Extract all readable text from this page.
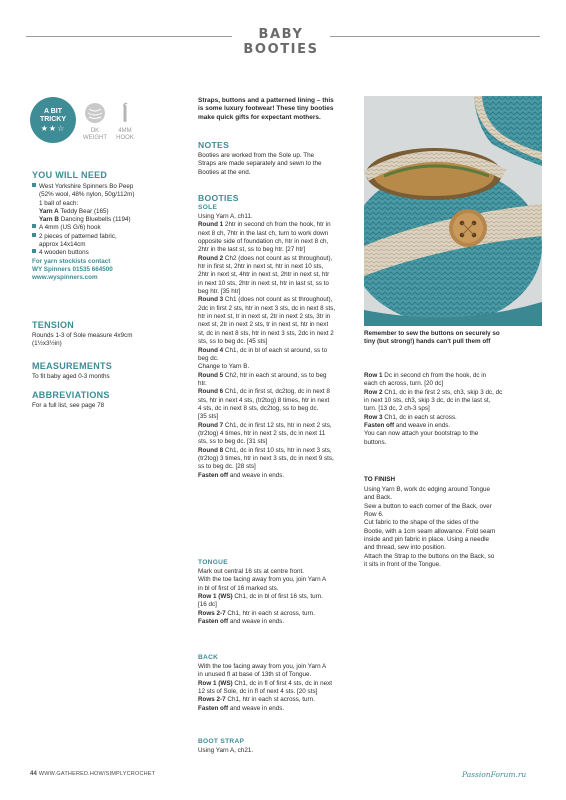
BABY BOOTIES
A BIT
TRICKY
★★☆	DK
WEIGHT
4MM
HOOK
YOU WILL NEED
West Yorkshire Spinners Bo Peep
(52% wool, 48% nylon, 50g/112m)
1 ball of each:
Yarn A Teddy Bear (165)
Yarn B Dancing Bluebells (1194)
A 4mm (US G/6) hook
2 pieces of patterned fabric,
approx 14x14cm
4 wooden buttons
For yarn stockists contact
WY Spinners 01535 664500
www.wyspinners.com
TENSION
Rounds 1-3 of Sole measure 4x9cm
(1½x3½in)
MEASUREMENTS
To fit baby aged 0-3 months
ABBREVIATIONS
For a full list, see page 78
Straps, buttons and a patterned lining – this
is some luxury footwear! These tiny booties
make quick gifts for expectant mothers.
NOTES
Booties are worked from the Sole up. The
Straps are made separately and sewn to the
Booties at the end.
BOOTIES
SOLE
Using Yarn A, ch11.
Round 1 2htr in second ch from the hook, htr in
next 8 ch, 7htr in the last ch, turn to work down
opposite side of foundation ch, htr in next 8 ch,
2htr in the last st, ss to beg htr. [27 htr]
Round 2 Ch2 (does not count as st throughout),
htr in first st, 2htr in next st, htr in next 10 sts,
2htr in next st, 4htr in next st, 2htr in next st, htr
in next 10 sts, 2htr in next st, htr in last st, ss to
beg htr. [35 htr]
Round 3 Ch1 (does not count as st throughout),
2dc in first 2 sts, htr in next 3 sts, dc in next 8 sts,
htr in next st, tr in next st, 2tr in next 2 sts, 3tr in
next st, 2tr in next 2 sts, tr in next st, htr in next
st, dc in next 8 sts, htr in next 3 sts, 2dc in next 2
sts, ss to beg dc. [45 sts]
Round 4 Ch1, dc in bl of each st around, ss to
beg dc.
Change to Yarn B.
Round 5 Ch2, htr in each st around, ss to beg
htr.
Round 6 Ch1, dc in first st, dc2tog, dc in next 8
sts, htr in next 4 sts, (tr2tog) 8 times, htr in next
4 sts, dc in next 8 sts, dc2tog, ss to beg dc.
[35 sts]
Round 7 Ch1, dc in first 12 sts, htr in next 2 sts,
(tr2tog) 4 times, htr in next 2 sts, dc in next 11
sts, ss to beg dc. [31 sts]
Round 8 Ch1, dc in first 10 sts, htr in next 3 sts,
(tr2tog) 3 times, htr in next 3 sts, dc in next 9 sts,
ss to beg dc. [28 sts]
Fasten off and weave in ends.
TONGUE
Mark out central 16 sts at centre front.
With the toe facing away from you, join Yarn A
in bl of first of 16 marked sts.
Row 1 (WS) Ch1, dc in bl of first 16 sts, turn.
[16 dc]
Rows 2-7 Ch1, htr in each st across, turn.
Fasten off and weave in ends.
BACK
With the toe facing away from you, join Yarn A
in unused fl at base of 13th st of Tongue.
Row 1 (WS) Ch1, dc in fl of first 4 sts, dc in next
12 sts of Sole, dc in fl of next 4 sts. [20 sts]
Rows 2-7 Ch1, htr in each st across, turn.
Fasten off and weave in ends.
BOOT STRAP
Using Yarn A, ch21.
Remember to sew the buttons on securely so
tiny (but strong!) hands can't pull them off
Row 1 Dc in second ch from the hook, dc in
each ch across, turn. [20 dc]
Row 2 Ch1, dc in the first 2 sts, ch3, skip 3 dc, dc
in next 10 sts, ch3, skip 3 dc, dc in the last st,
turn. [13 dc, 2 ch-3 sps]
Row 3 Ch1, dc in each st across.
Fasten off and weave in ends.
You can now attach your bootstrap to the
buttons.
TO FINISH
Using Yarn B, work dc edging around Tongue
and Back.
Sew a button to each corner of the Back, over
Row 6.
Cut fabric to the shape of the sides of the
Bootie, with a 1cm seam allowance. Fold seam
inside and pin fabric in place. Using a needle
and thread, sew into position.
Attach the Strap to the buttons on the Back, so
it sits in front of the Tongue.
44 WWW.GATHERED.HOW/SIMPLYCROCHET	PassionForum.ru
